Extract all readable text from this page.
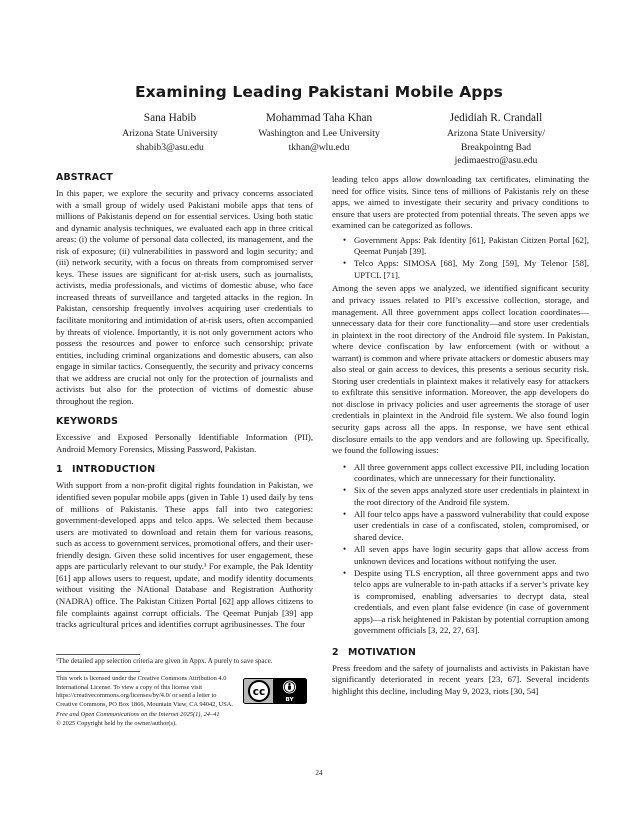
Examining Leading Pakistani Mobile Apps
Sana Habib
Arizona State University
shabib3@asu.edu
Mohammad Taha Khan
Washington and Lee University
tkhan@wlu.edu
Jedidiah R. Crandall
Arizona State University/
Breakpointng Bad
jedimaestro@asu.edu
ABSTRACT

In this paper, we explore the security and privacy concerns associated with a small group of widely used Pakistani mobile apps that tens of millions of Pakistanis depend on for essential services. Using both static and dynamic analysis techniques, we evaluated each app in three critical areas: (i) the volume of personal data collected, its management, and the risk of exposure; (ii) vulnerabilities in password and login security; and (iii) network security, with a focus on threats from compromised server keys. These issues are significant for at-risk users, such as journalists, activists, media professionals, and victims of domestic abuse, who face increased threats of surveillance and targeted attacks in the region. In Pakistan, censorship frequently involves acquiring user credentials to facilitate monitoring and intimidation of at-risk users, often accompanied by threats of violence. Importantly, it is not only government actors who possess the resources and power to enforce such censorship; private entities, including criminal organizations and domestic abusers, can also engage in similar tactics. Consequently, the security and privacy concerns that we address are crucial not only for the protection of journalists and activists but also for the protection of victims of domestic abuse throughout the region.

KEYWORDS

Excessive and Exposed Personally Identifiable Information (PII), Android Memory Forensics, Missing Password, Pakistan.

1 INTRODUCTION

With support from a non-profit digital rights foundation in Pakistan, we identified seven popular mobile apps (given in Table 1) used daily by tens of millions of Pakistanis. These apps fall into two categories: government-developed apps and telco apps. We selected them because users are motivated to download and retain them for various reasons, such as access to government services, promotional offers, and their user-friendly design. Given these solid incentives for user engagement, these apps are particularly relevant to our study.¹ For example, the Pak Identity [61] app allows users to request, update, and modify identity documents without visiting the NAtional Database and Registration Authority (NADRA) office. The Pakistan Citizen Portal [62] app allows citizens to file complaints against corrupt officials. The Qeemat Punjab [39] app tracks agricultural prices and identifies corrupt agribusinesses. The four

leading telco apps allow downloading tax certificates, eliminating the need for office visits. Since tens of millions of Pakistanis rely on these apps, we aimed to investigate their security and privacy conditions to ensure that users are protected from potential threats. The seven apps we examined can be categorized as follows.

• Government Apps: Pak Identity [61], Pakistan Citizen Portal [62], Qeemat Punjab [39].
• Telco Apps: SIMOSA [68], My Zong [59], My Telenor [58], UPTCL [71].

Among the seven apps we analyzed, we identified significant security and privacy issues related to PII’s excessive collection, storage, and management. All three government apps collect location coordinates—unnecessary data for their core functionality—and store user credentials in plaintext in the root directory of the Android file system. In Pakistan, where device confiscation by law enforcement (with or without a warrant) is common and where private attackers or domestic abusers may also steal or gain access to devices, this presents a serious security risk. Storing user credentials in plaintext makes it relatively easy for attackers to exfiltrate this sensitive information. Moreover, the app developers do not disclose in privacy policies and user agreements the storage of user credentials in plaintext in the Android file system. We also found login security gaps across all the apps. In response, we have sent ethical disclosure emails to the app vendors and are following up. Specifically, we found the following issues:

• All three government apps collect excessive PII, including location coordinates, which are unnecessary for their functionality.
• Six of the seven apps analyzed store user credentials in plaintext in the root directory of the Android file system.
• All four telco apps have a password vulnerability that could expose user credentials in case of a confiscated, stolen, compromised, or shared device.
• All seven apps have login security gaps that allow access from unknown devices and locations without notifying the user.
• Despite using TLS encryption, all three government apps and two telco apps are vulnerable to in-path attacks if a server’s private key is compromised, enabling adversaries to decrypt data, steal credentials, and even plant false evidence (in case of government apps)—a risk heightened in Pakistan by potential corruption among government officials [3, 22, 27, 63].
2 MOTIVATION

Press freedom and the safety of journalists and activists in Pakistan have significantly deteriorated in recent years [23, 67]. Several incidents highlight this decline, including May 9, 2023, riots [30, 54]

¹The detailed app selection criteria are given in Appx. A purely to save space.
This work is licensed under the Creative Commons Attribution 4.0 International License. To view a copy of this license visit https://creativecommons.org/licenses/by/4.0/ or send a letter to Creative Commons, PO Box 1866, Mountain View, CA 94042, USA.
cc
BY
Free and Open Communications on the Internet 2025(1), 24–41
© 2025 Copyright held by the owner/author(s).
24
